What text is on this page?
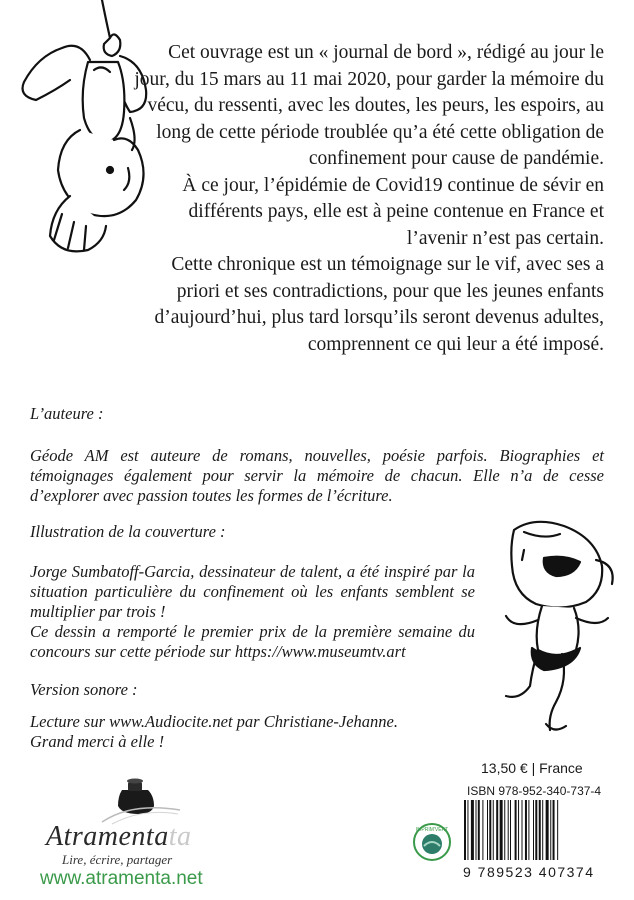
Cet ouvrage est un « journal de bord », rédigé au jour le jour, du 15 mars au 11 mai 2020, pour garder la mémoire du vécu, du ressenti, avec les doutes, les peurs, les espoirs, au long de cette période troublée qu’a été cette obligation de confinement pour cause de pandémie.

À ce jour, l’épidémie de Covid19 continue de sévir en différents pays, elle est à peine contenue en France et l’avenir n’est pas certain.

Cette chronique est un témoignage sur le vif, avec ses a priori et ses contradictions, pour que les jeunes enfants d’aujourd’hui, plus tard lorsqu’ils seront devenus adultes, comprennent ce qui leur a été imposé.

L’auteure :

Géode AM est auteure de romans, nouvelles, poésie parfois. Biographies et témoignages également pour servir la mémoire de chacun. Elle n’a de cesse d’explorer avec passion toutes les formes de l’écriture.

Illustration de la couverture :

Jorge Sumbatoff-Garcia, dessinateur de talent, a été inspiré par la situation particulière du confinement où les enfants semblent se multiplier par trois !

Ce dessin a remporté le premier prix de la première semaine du concours sur cette période sur https://www.museumtv.art

Version sonore :

Lecture sur www.Audiocite.net par Christiane-Jehanne.

Grand merci à elle !

13,50 € | France
ISBN 978-952-340-737-4
9 789523 407374
IMPRIM'VERT
Atramentata
Lire, écrire, partager
www.atramenta.net
